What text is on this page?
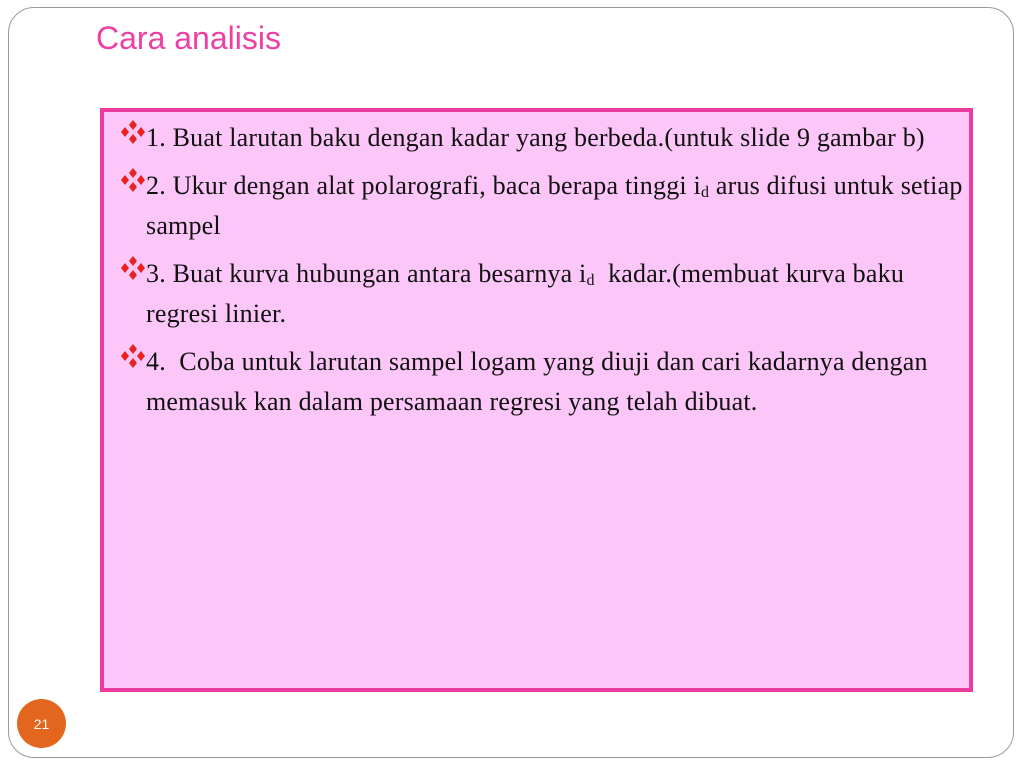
Cara analisis
1. Buat larutan baku dengan kadar yang berbeda.(untuk slide 9 gambar b)
2. Ukur dengan alat polarografi, baca berapa tinggi $i_d$ arus difusi untuk setiap sampel
3. Buat kurva hubungan antara besarnya $i_d$  kadar.(membuat kurva baku regresi linier.
4.  Coba untuk larutan sampel logam yang diuji dan cari kadarnya dengan memasuk kan dalam persamaan regresi yang telah dibuat.
21
